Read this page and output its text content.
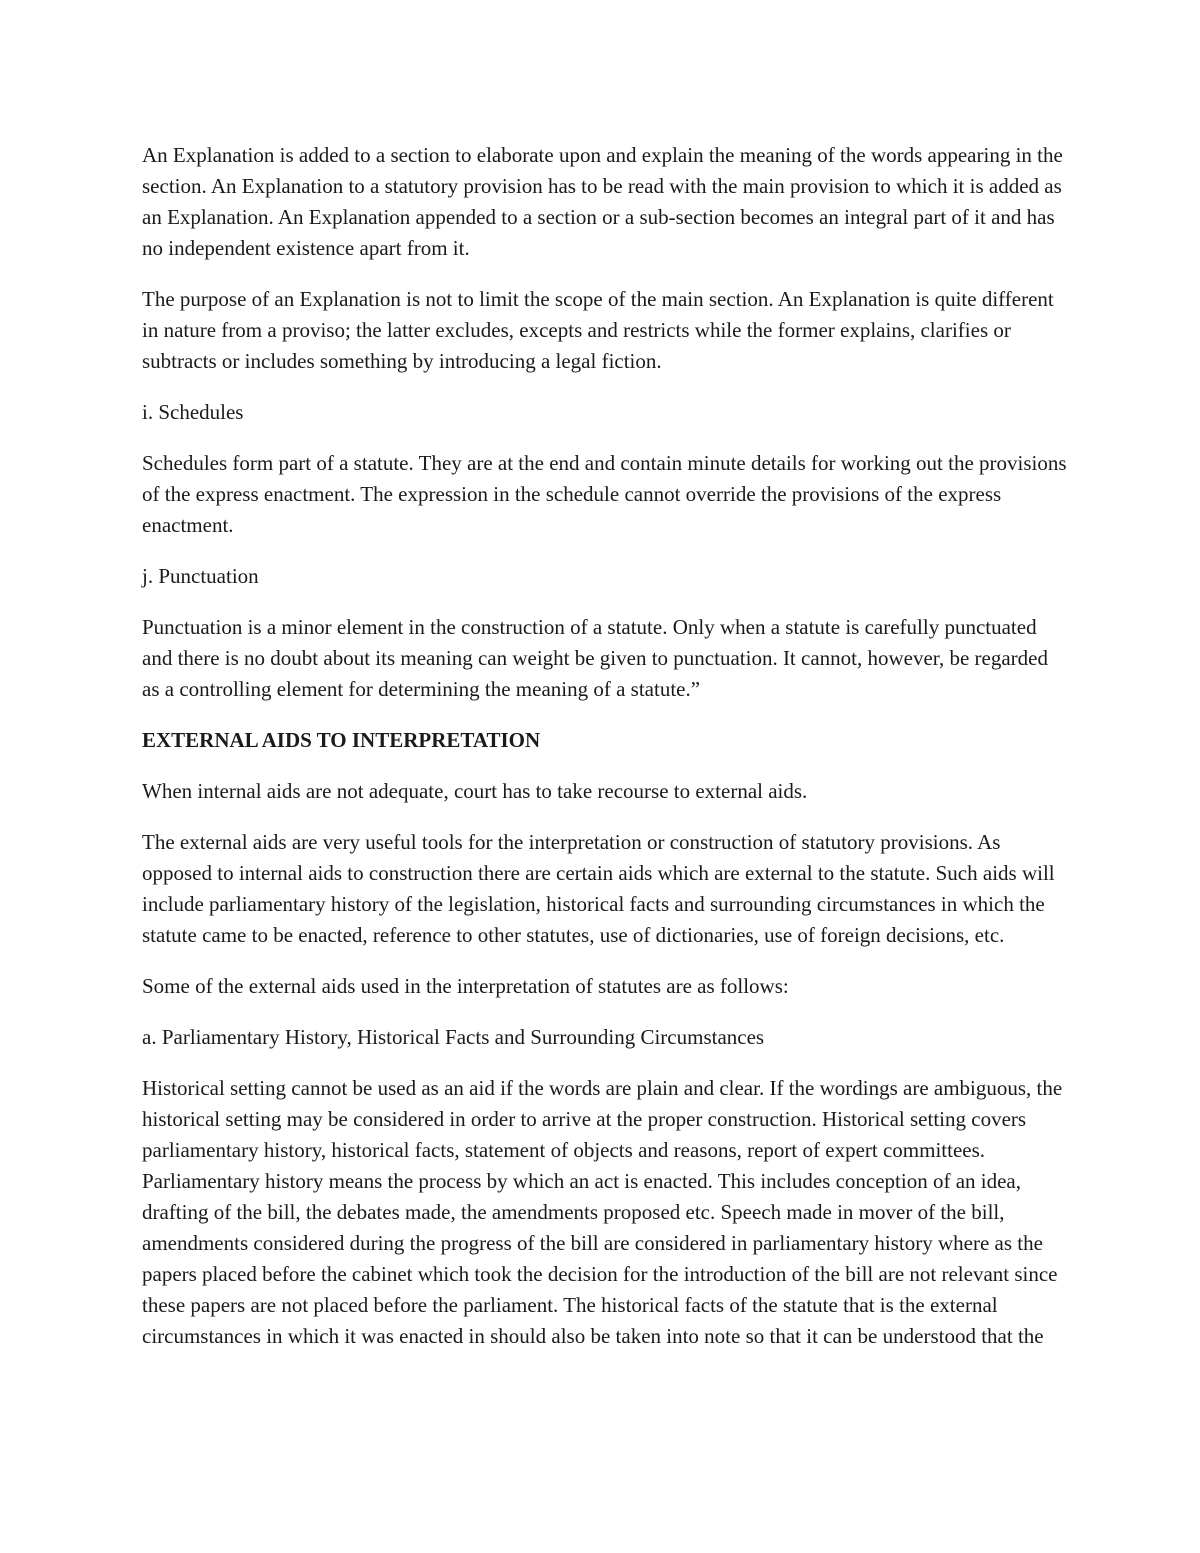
An Explanation is added to a section to elaborate upon and explain the meaning of the words appearing in the section. An Explanation to a statutory provision has to be read with the main provision to which it is added as an Explanation. An Explanation appended to a section or a sub-section becomes an integral part of it and has no independent existence apart from it.

The purpose of an Explanation is not to limit the scope of the main section. An Explanation is quite different in nature from a proviso; the latter excludes, excepts and restricts while the former explains, clarifies or subtracts or includes something by introducing a legal fiction.

i. Schedules

Schedules form part of a statute. They are at the end and contain minute details for working out the provisions of the express enactment. The expression in the schedule cannot override the provisions of the express enactment.

j. Punctuation

Punctuation is a minor element in the construction of a statute. Only when a statute is carefully punctuated and there is no doubt about its meaning can weight be given to punctuation. It cannot, however, be regarded as a controlling element for determining the meaning of a statute.”

EXTERNAL AIDS TO INTERPRETATION

When internal aids are not adequate, court has to take recourse to external aids.

The external aids are very useful tools for the interpretation or construction of statutory provisions. As opposed to internal aids to construction there are certain aids which are external to the statute. Such aids will include parliamentary history of the legislation, historical facts and surrounding circumstances in which the statute came to be enacted, reference to other statutes, use of dictionaries, use of foreign decisions, etc.

Some of the external aids used in the interpretation of statutes are as follows:

a. Parliamentary History, Historical Facts and Surrounding Circumstances

Historical setting cannot be used as an aid if the words are plain and clear. If the wordings are ambiguous, the historical setting may be considered in order to arrive at the proper construction. Historical setting covers parliamentary history, historical facts, statement of objects and reasons, report of expert committees. Parliamentary history means the process by which an act is enacted. This includes conception of an idea, drafting of the bill, the debates made, the amendments proposed etc. Speech made in mover of the bill, amendments considered during the progress of the bill are considered in parliamentary history where as the papers placed before the cabinet which took the decision for the introduction of the bill are not relevant since these papers are not placed before the parliament. The historical facts of the statute that is the external circumstances in which it was enacted in should also be taken into note so that it can be understood that the
